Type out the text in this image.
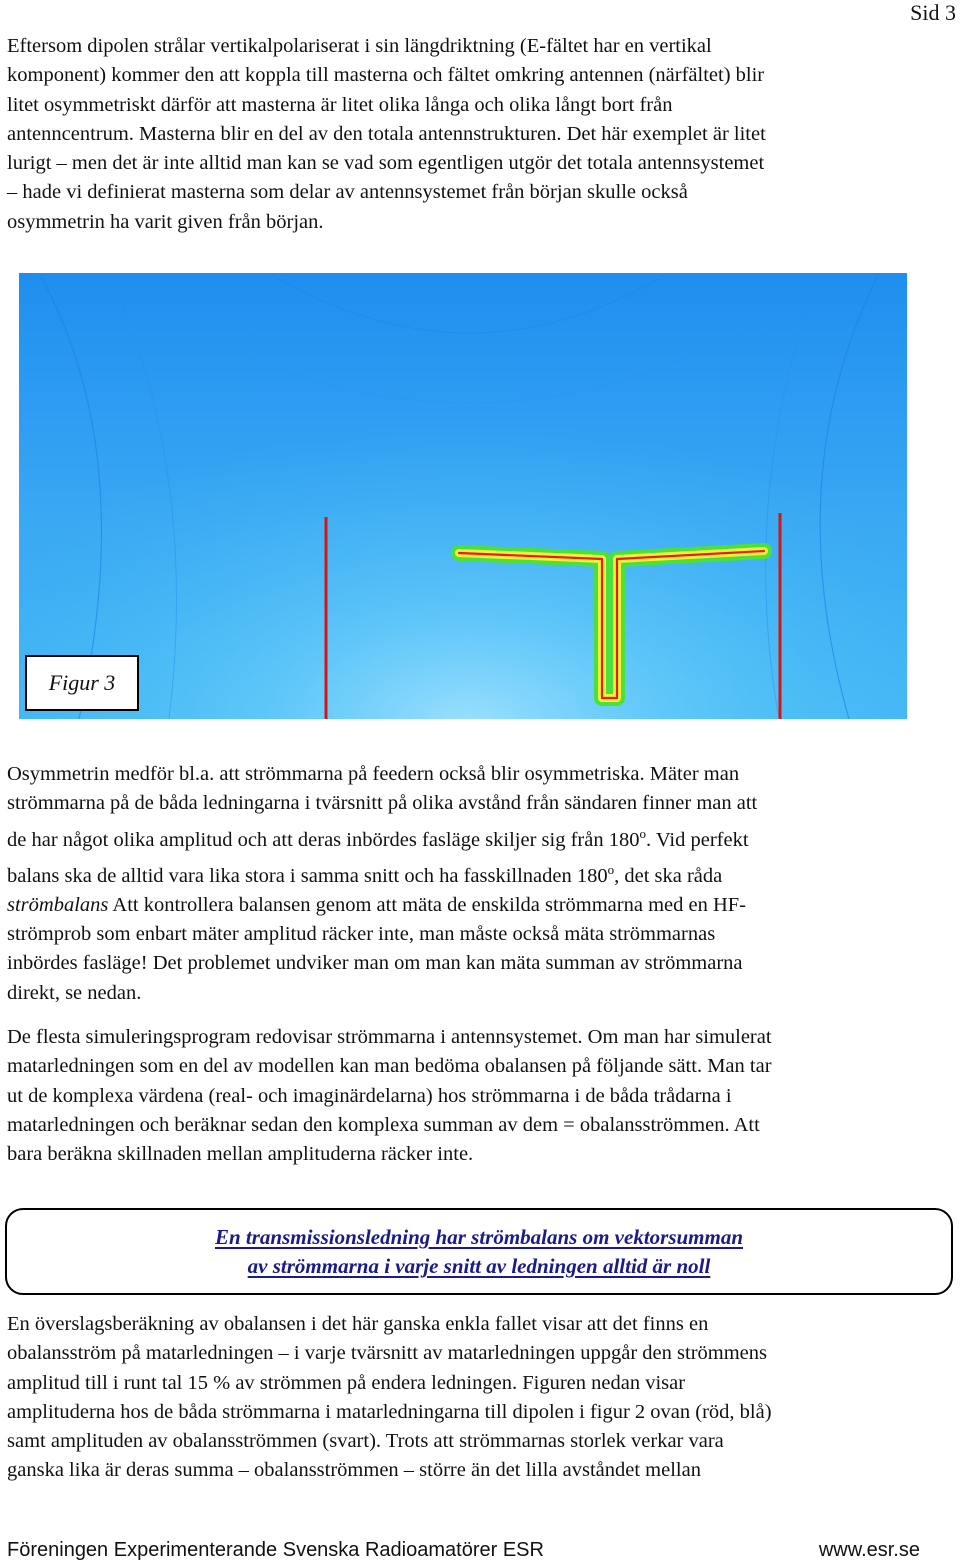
Sid 3
Eftersom dipolen strålar vertikalpolariserat i sin längdriktning (E-fältet har en vertikal
komponent) kommer den att koppla till masterna och fältet omkring antennen (närfältet) blir
litet osymmetriskt därför att masterna är litet olika långa och olika långt bort från
antenncentrum. Masterna blir en del av den totala antennstrukturen. Det här exemplet är litet
lurigt – men det är inte alltid man kan se vad som egentligen utgör det totala antennsystemet
– hade vi definierat masterna som delar av antennsystemet från början skulle också
osymmetrin ha varit given från början.
Figur 3
Osymmetrin medför bl.a. att strömmarna på feedern också blir osymmetriska. Mäter man
strömmarna på de båda ledningarna i tvärsnitt på olika avstånd från sändaren finner man att
de har något olika amplitud och att deras inbördes fasläge skiljer sig från 180$^o$. Vid perfekt
balans ska de alltid vara lika stora i samma snitt och ha fasskillnaden 180$^o$, det ska råda
strömbalans Att kontrollera balansen genom att mäta de enskilda strömmarna med en HF-
strömprob som enbart mäter amplitud räcker inte, man måste också mäta strömmarnas
inbördes fasläge! Det problemet undviker man om man kan mäta summan av strömmarna
direkt, se nedan.
De flesta simuleringsprogram redovisar strömmarna i antennsystemet. Om man har simulerat
matarledningen som en del av modellen kan man bedöma obalansen på följande sätt. Man tar
ut de komplexa värdena (real- och imaginärdelarna) hos strömmarna i de båda trådarna i
matarledningen och beräknar sedan den komplexa summan av dem = obalansströmmen. Att
bara beräkna skillnaden mellan amplituderna räcker inte.
En transmissionsledning har strömbalans om vektorsumman
av strömmarna i varje snitt av ledningen alltid är noll
En överslagsberäkning av obalansen i det här ganska enkla fallet visar att det finns en
obalansström på matarledningen – i varje tvärsnitt av matarledningen uppgår den strömmens
amplitud till i runt tal 15 % av strömmen på endera ledningen. Figuren nedan visar
amplituderna hos de båda strömmarna i matarledningarna till dipolen i figur 2 ovan (röd, blå)
samt amplituden av obalansströmmen (svart). Trots att strömmarnas storlek verkar vara
ganska lika är deras summa – obalansströmmen – större än det lilla avståndet mellan
Föreningen Experimenterande Svenska Radioamatörer ESR	www.esr.se
